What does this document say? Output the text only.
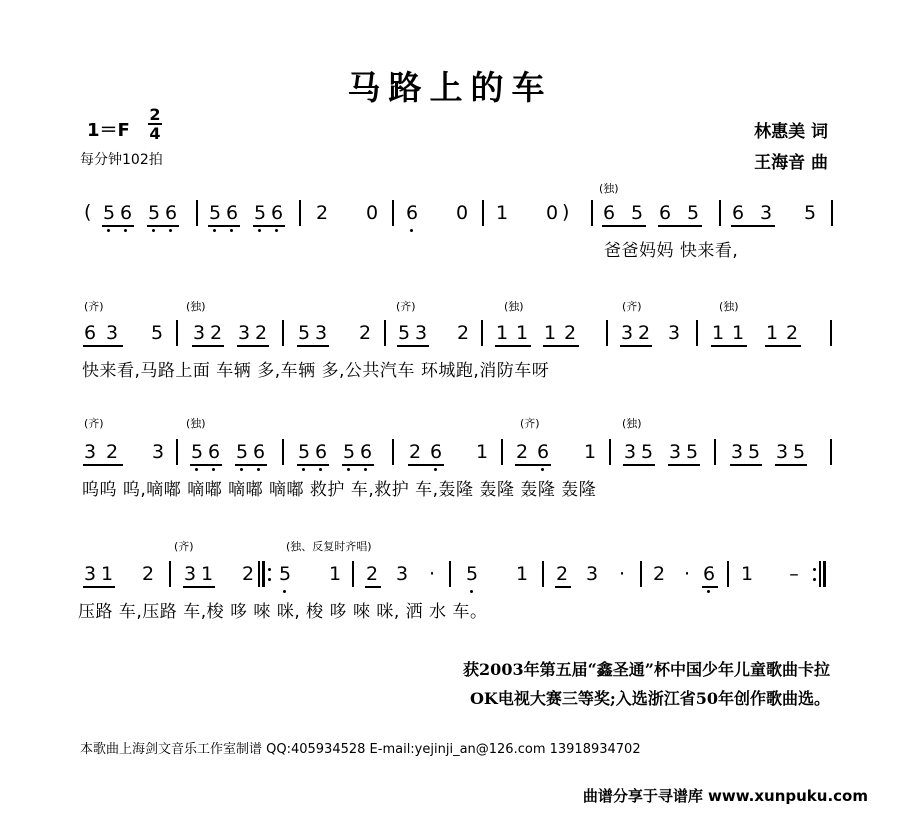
马路上的车
1＝F
2
4
每分钟102拍
林惠美 词
王海音 曲
(独)
(	)
5 6 5 6 5 6 5 6 2 0 6 0 1 0 6 5 6 5 6 3 5
爸爸妈妈 快来看,
(齐)	(独)	(齐)	(独)	(齐)	(独)
6 3 5 3 2 3 2 5 3 2 5 3 2 1 1 1 2 3 2 3 1 1 1 2
快来看,马路上面 车辆 多,车辆 多,公共汽车 环城跑,消防车呀
(齐)	(独)	(齐)	(独)
3 2 3 5 6 5 6 5 6 5 6 2 6 1 2 6 1 3 5 3 5 3 5 3 5
呜呜 呜,嘀嘟 嘀嘟 嘀嘟 嘀嘟 救护 车,救护 车,轰隆 轰隆 轰隆 轰隆
(齐)	(独、反复时齐唱)
3 1 2 3 1 2 5 1 2 3 · 5 1 2 3 · 2 · 6 1 –
压路 车,压路 车,梭 哆 唻 咪, 梭 哆 唻 咪, 洒 水 车。
获2003年第五届“鑫圣通”杯中国少年儿童歌曲卡拉
OK电视大赛三等奖;入选浙江省50年创作歌曲选。
本歌曲上海剑文音乐工作室制谱 QQ:405934528 E-mail:yejinji_an@126.com 13918934702
曲谱分享于寻谱库 www.xunpuku.com
